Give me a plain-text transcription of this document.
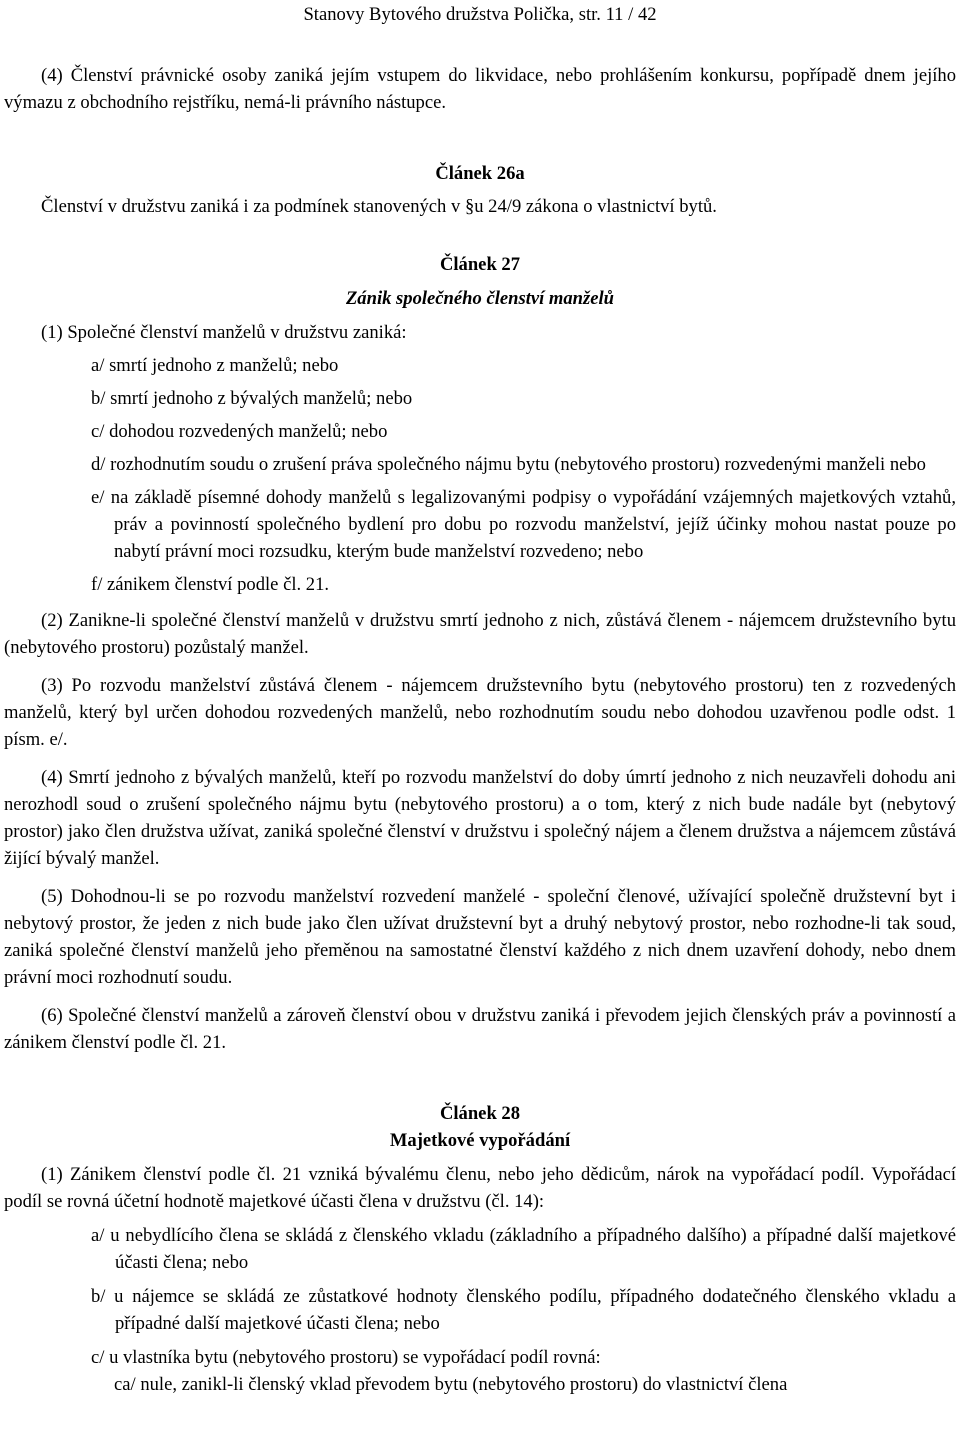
Stanovy Bytového družstva Polička, str. 11 / 42

(4) Členství právnické osoby zaniká jejím vstupem do likvidace, nebo prohlášením konkursu, popřípadě dnem jejího výmazu z obchodního rejstříku, nemá-li právního nástupce.

Článek 26a

Členství v družstvu zaniká i za podmínek stanovených v §u 24/9 zákona o vlastnictví bytů.

Článek 27

Zánik společného členství manželů

(1) Společné členství manželů v družstvu zaniká:

a/ smrtí jednoho z manželů; nebo

b/ smrtí jednoho z bývalých manželů; nebo

c/ dohodou rozvedených manželů; nebo

d/ rozhodnutím soudu o zrušení práva společného nájmu bytu (nebytového prostoru) rozvedenými manželi nebo

e/ na základě písemné dohody manželů s legalizovanými podpisy o vypořádání vzájemných majetkových vztahů, práv a povinností společného bydlení pro dobu po rozvodu manželství, jejíž účinky mohou nastat pouze po nabytí právní moci rozsudku, kterým bude manželství rozvedeno; nebo

f/ zánikem členství podle čl. 21.

(2) Zanikne-li společné členství manželů v družstvu smrtí jednoho z nich, zůstává členem - nájemcem družstevního bytu (nebytového prostoru) pozůstalý manžel.

(3) Po rozvodu manželství zůstává členem - nájemcem družstevního bytu (nebytového prostoru) ten z rozvedených manželů, který byl určen dohodou rozvedených manželů, nebo rozhodnutím soudu nebo dohodou uzavřenou podle odst. 1 písm. e/.

(4) Smrtí jednoho z bývalých manželů, kteří po rozvodu manželství do doby úmrtí jednoho z nich neuzavřeli dohodu ani nerozhodl soud o zrušení společného nájmu bytu (nebytového prostoru) a o tom, který z nich bude nadále byt (nebytový prostor) jako člen družstva užívat, zaniká společné členství v družstvu i společný nájem a členem družstva a nájemcem zůstává žijící bývalý manžel.

(5) Dohodnou-li se po rozvodu manželství rozvedení manželé - společní členové, užívající společně družstevní byt i nebytový prostor, že jeden z nich bude jako člen užívat družstevní byt a druhý nebytový prostor, nebo rozhodne-li tak soud, zaniká společné členství manželů jeho přeměnou na samostatné členství každého z nich dnem uzavření dohody, nebo dnem právní moci rozhodnutí soudu.

(6) Společné členství manželů a zároveň členství obou v družstvu zaniká i převodem jejich členských práv a povinností a zánikem členství podle čl. 21.

Článek 28

Majetkové vypořádání

(1) Zánikem členství podle čl. 21 vzniká bývalému členu, nebo jeho dědicům, nárok na vypořádací podíl. Vypořádací podíl se rovná účetní hodnotě majetkové účasti člena v družstvu (čl. 14):

a/ u nebydlícího člena se skládá z členského vkladu (základního a případného dalšího) a případné další majetkové účasti člena; nebo

b/ u nájemce se skládá ze zůstatkové hodnoty členského podílu, případného dodatečného členského vkladu a případné další majetkové účasti člena; nebo

c/ u vlastníka bytu (nebytového prostoru) se vypořádací podíl rovná:

ca/ nule, zanikl-li členský vklad převodem bytu (nebytového prostoru) do vlastnictví člena
